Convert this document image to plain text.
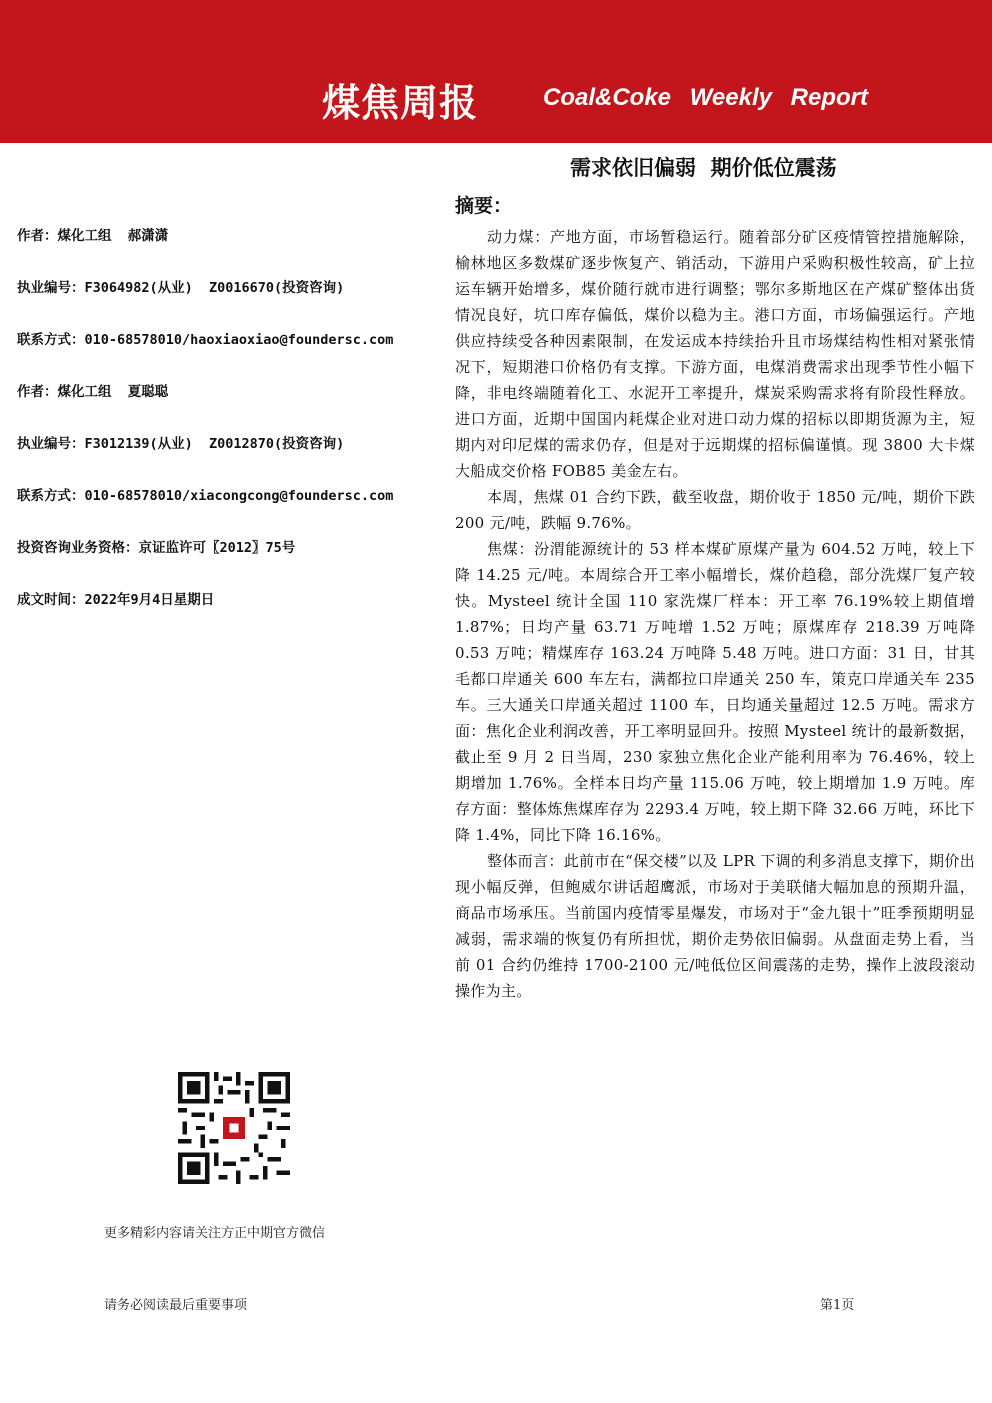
煤焦周报	Coal&Coke Weekly Report
需求依旧偏弱  期价低位震荡
作者：煤化工组  郝潇潇
执业编号：F3064982(从业)  Z0016670(投资咨询)
联系方式：010-68578010/haoxiaoxiao@foundersc.com
作者：煤化工组  夏聪聪
执业编号：F3012139(从业)  Z0012870(投资咨询)
联系方式：010-68578010/xiacongcong@foundersc.com
投资咨询业务资格：京证监许可〖2012〗75号
成文时间：2022年9月4日星期日
摘要：

动力煤：产地方面，市场暂稳运行。随着部分矿区疫情管控措施解除，榆林地区多数煤矿逐步恢复产、销活动，下游用户采购积极性较高，矿上拉运车辆开始增多，煤价随行就市进行调整；鄂尔多斯地区在产煤矿整体出货情况良好，坑口库存偏低，煤价以稳为主。港口方面，市场偏强运行。产地供应持续受各种因素限制，在发运成本持续抬升且市场煤结构性相对紧张情况下，短期港口价格仍有支撑。下游方面，电煤消费需求出现季节性小幅下降，非电终端随着化工、水泥开工率提升，煤炭采购需求将有阶段性释放。进口方面，近期中国国内耗煤企业对进口动力煤的招标以即期货源为主，短期内对印尼煤的需求仍存，但是对于远期煤的招标偏谨慎。现 3800 大卡煤大船成交价格 FOB85 美金左右。

本周，焦煤 01 合约下跌，截至收盘，期价收于 1850 元/吨，期价下跌 200 元/吨，跌幅 9.76%。

焦煤：汾渭能源统计的 53 样本煤矿原煤产量为 604.52 万吨，较上下降 14.25 元/吨。本周综合开工率小幅增长，煤价趋稳，部分洗煤厂复产较快。Mysteel 统计全国 110 家洗煤厂样本：开工率 76.19%较上期值增 1.87%；日均产量 63.71 万吨增 1.52 万吨；原煤库存 218.39 万吨降 0.53 万吨；精煤库存 163.24 万吨降 5.48 万吨。进口方面：31 日，甘其毛都口岸通关 600 车左右，满都拉口岸通关 250 车，策克口岸通关车 235 车。三大通关口岸通关超过 1100 车，日均通关量超过 12.5 万吨。需求方面：焦化企业利润改善，开工率明显回升。按照 Mysteel 统计的最新数据，截止至 9 月 2 日当周，230 家独立焦化企业产能利用率为 76.46%，较上期增加 1.76%。全样本日均产量 115.06 万吨，较上期增加 1.9 万吨。库存方面：整体炼焦煤库存为 2293.4 万吨，较上期下降 32.66 万吨，环比下降 1.4%，同比下降 16.16%。

整体而言：此前市在“保交楼”以及 LPR 下调的利多消息支撑下，期价出现小幅反弹，但鲍威尔讲话超鹰派，市场对于美联储大幅加息的预期升温，商品市场承压。当前国内疫情零星爆发，市场对于“金九银十”旺季预期明显减弱，需求端的恢复仍有所担忧，期价走势依旧偏弱。从盘面走势上看，当前 01 合约仍维持 1700-2100 元/吨低位区间震荡的走势，操作上波段滚动操作为主。

更多精彩内容请关注方正中期官方微信
请务必阅读最后重要事项	第1页
